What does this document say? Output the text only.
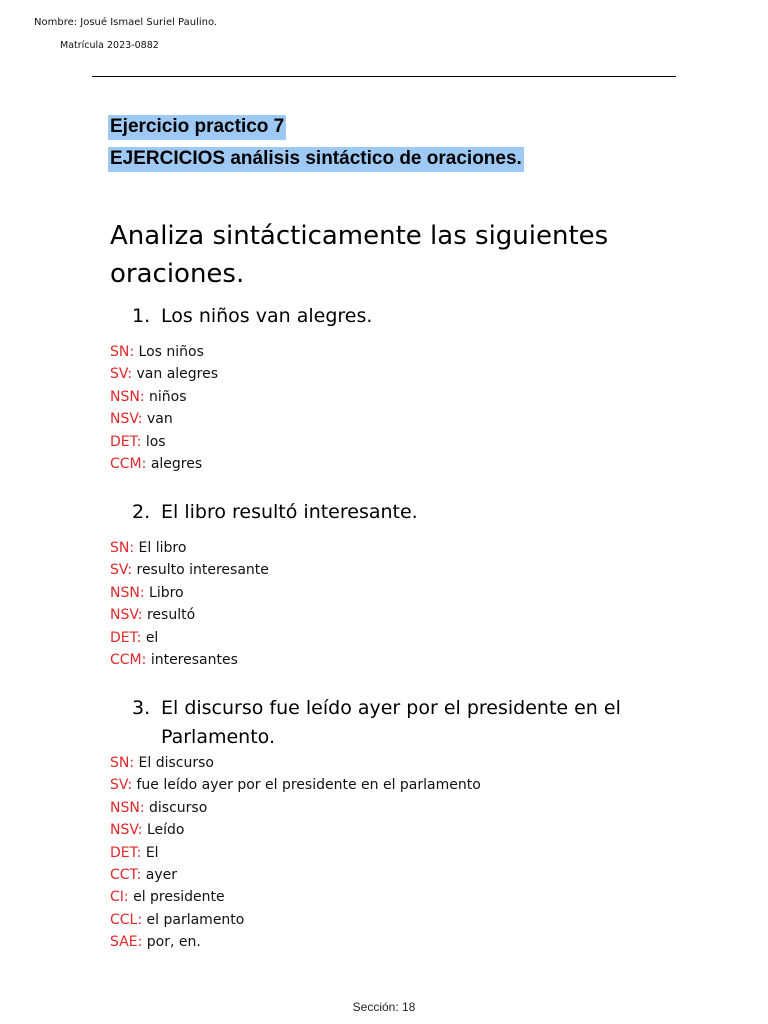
Nombre: Josué Ismael Suriel Paulino.
Matrícula 2023-0882
Ejercicio practico 7
EJERCICIOS análisis sintáctico de oraciones.
Analiza sintácticamente las siguientes
oraciones.
1. Los niños van alegres.
SN: Los niños
SV: van alegres
NSN: niños
NSV: van
DET: los
CCM: alegres
2. El libro resultó interesante.
SN: El libro
SV: resulto interesante
NSN: Libro
NSV: resultó
DET: el
CCM: interesantes
3. El discurso fue leído ayer por el presidente en el
Parlamento.
SN: El discurso
SV: fue leído ayer por el presidente en el parlamento
NSN: discurso
NSV: Leído
DET: El
CCT: ayer
CI: el presidente
CCL: el parlamento
SAE: por, en.
Sección: 18
